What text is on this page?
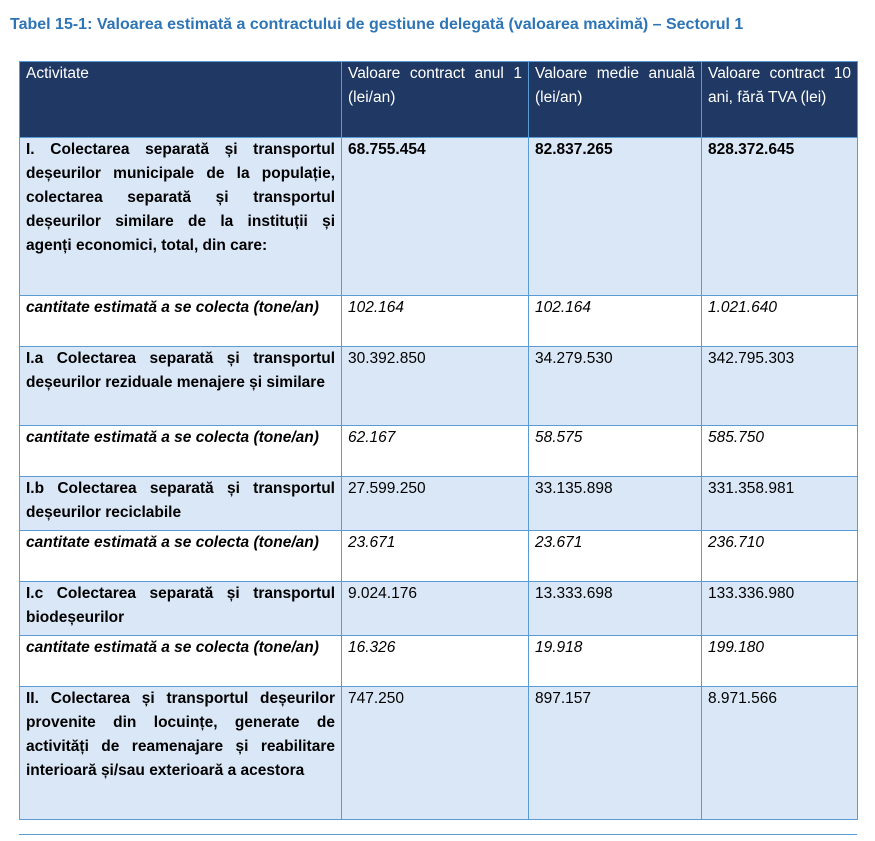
Tabel 15-1: Valoarea estimată a contractului de gestiune delegată (valoarea maximă) – Sectorul 1
Activitate	Valoare contract anul 1 (lei/an)	Valoare medie anuală (lei/an)	Valoare contract 10 ani, fără TVA (lei)
I. Colectarea separată și transportul deșeurilor municipale de la populație, colectarea separată și transportul deșeurilor similare de la instituții și agenți economici, total, din care:	68.755.454	82.837.265	828.372.645
cantitate estimată a se colecta (tone/an)	102.164	102.164	1.021.640
I.a Colectarea separată și transportul deșeurilor reziduale menajere și similare	30.392.850	34.279.530	342.795.303
cantitate estimată a se colecta (tone/an)	62.167	58.575	585.750
I.b Colectarea separată și transportul deșeurilor reciclabile	27.599.250	33.135.898	331.358.981
cantitate estimată a se colecta (tone/an)	23.671	23.671	236.710
I.c Colectarea separată și transportul biodeșeurilor	9.024.176	13.333.698	133.336.980
cantitate estimată a se colecta (tone/an)	16.326	19.918	199.180
II. Colectarea și transportul deșeurilor provenite din locuințe, generate de activități de reamenajare și reabilitare interioară și/sau exterioară a acestora	747.250	897.157	8.971.566
